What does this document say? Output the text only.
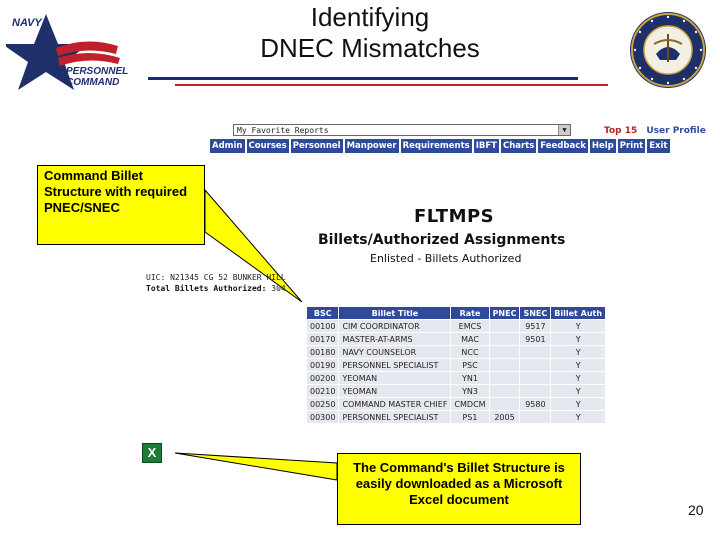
NAVY
PERSONNEL
COMMAND
Identifying
DNEC Mismatches
My Favorite Reports	▼	Top 15 User Profile
Admin Courses Personnel Manpower Requirements IBFT Charts Feedback Help Print Exit
Command Billet Structure with required PNEC/SNEC
The Command's Billet Structure is easily downloaded as a Microsoft Excel document
FLTMPS
Billets/Authorized Assignments
Enlisted - Billets Authorized
UIC: N21345 CG 52 BUNKER HILL
Total Billets Authorized: 304
BSC	Billet Title	Rate	PNEC	SNEC	Billet Auth
00100	CIM COORDINATOR	EMCS		9517	Y
00170	MASTER-AT-ARMS	MAC		9501	Y
00180	NAVY COUNSELOR	NCC			Y
00190	PERSONNEL SPECIALIST	PSC			Y
00200	YEOMAN	YN1			Y
00210	YEOMAN	YN3			Y
00250	COMMAND MASTER CHIEF	CMDCM		9580	Y
00300	PERSONNEL SPECIALIST	PS1	2005		Y
X
20
